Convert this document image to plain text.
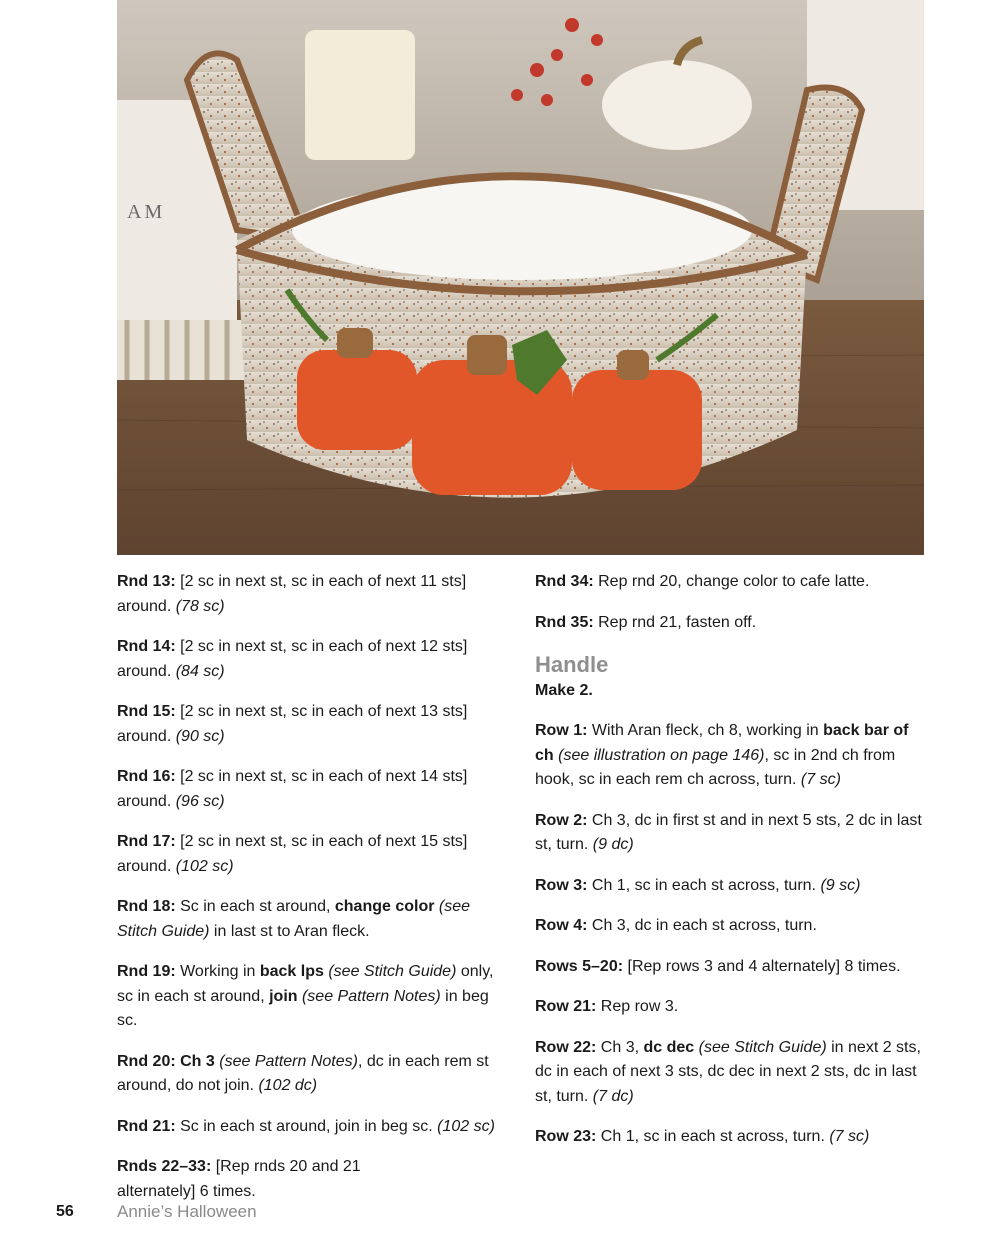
AM

Rnd 13: [2 sc in next st, sc in each of next 11 sts] around. (78 sc)

Rnd 14: [2 sc in next st, sc in each of next 12 sts] around. (84 sc)

Rnd 15: [2 sc in next st, sc in each of next 13 sts] around. (90 sc)

Rnd 16: [2 sc in next st, sc in each of next 14 sts] around. (96 sc)

Rnd 17: [2 sc in next st, sc in each of next 15 sts] around. (102 sc)

Rnd 18: Sc in each st around, change color (see Stitch Guide) in last st to Aran fleck.

Rnd 19: Working in back lps (see Stitch Guide) only, sc in each st around, join (see Pattern Notes) in beg sc.

Rnd 20: Ch 3 (see Pattern Notes), dc in each rem st around, do not join. (102 dc)

Rnd 21: Sc in each st around, join in beg sc. (102 sc)

Rnds 22–33: [Rep rnds 20 and 21
alternately] 6 times.

Rnd 34: Rep rnd 20, change color to cafe latte.

Rnd 35: Rep rnd 21, fasten off.

Handle
Make 2.

Row 1: With Aran fleck, ch 8, working in back bar of ch (see illustration on page 146), sc in 2nd ch from hook, sc in each rem ch across, turn. (7 sc)

Row 2: Ch 3, dc in first st and in next 5 sts, 2 dc in last st, turn. (9 dc)

Row 3: Ch 1, sc in each st across, turn. (9 sc)

Row 4: Ch 3, dc in each st across, turn.

Rows 5–20: [Rep rows 3 and 4 alternately] 8 times.

Row 21: Rep row 3.

Row 22: Ch 3, dc dec (see Stitch Guide) in next 2 sts, dc in each of next 3 sts, dc dec in next 2 sts, dc in last st, turn. (7 dc)

Row 23: Ch 1, sc in each st across, turn. (7 sc)

56	Annie’s Halloween
